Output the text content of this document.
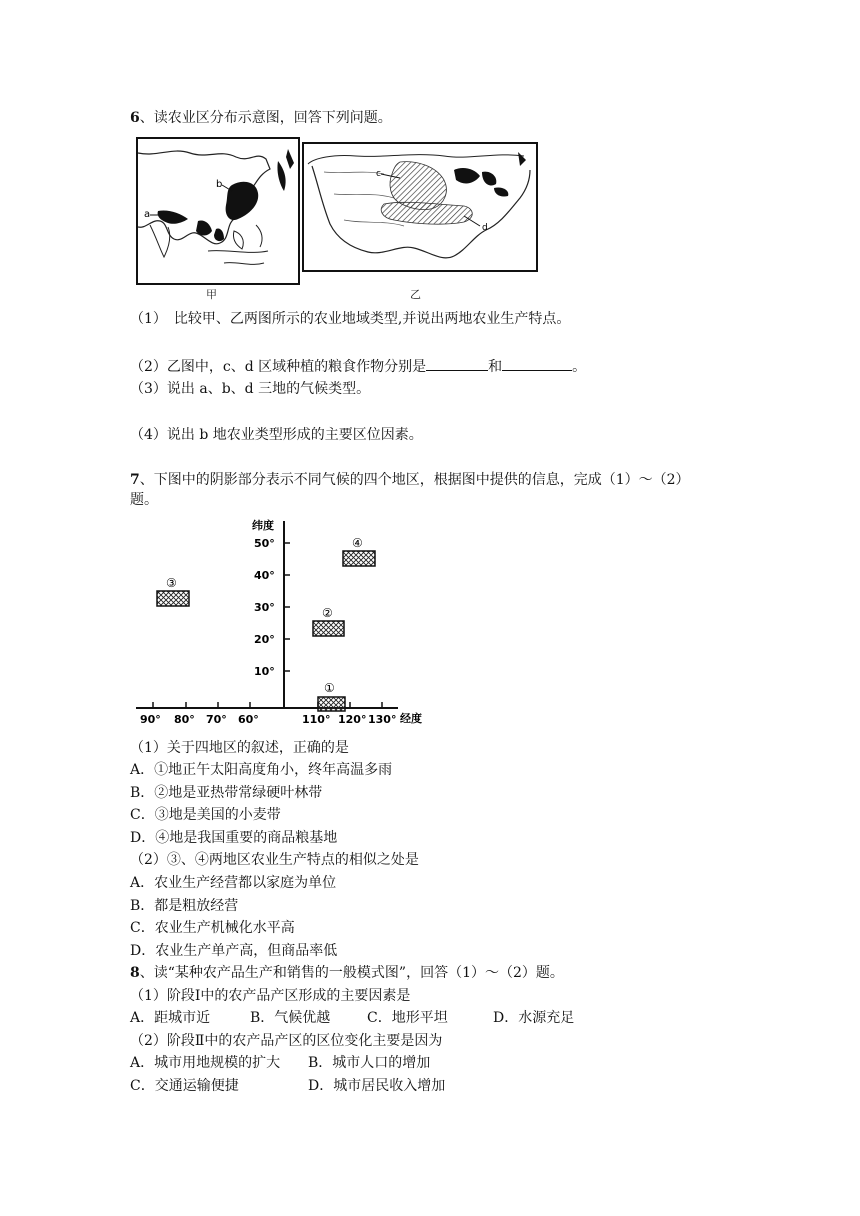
6、读农业区分布示意图，回答下列问题。
b
a
甲
c
d
乙
（1）　比较甲、乙两图所示的农业地域类型,并说出两地农业生产特点。
（2）乙图中，c、d 区域种植的粮食作物分别是	和	。
（3）说出 a、b、d 三地的气候类型。
（4）说出 b 地农业类型形成的主要区位因素。
7、下图中的阴影部分表示不同气候的四个地区，根据图中提供的信息，完成（1）～（2）
题。
纬度
经度
50°
40°
30°
20°
10°
90° 80° 70° 60°	110° 120° 130°
③
④
②
①
（1）关于四地区的叙述，正确的是
A．①地正午太阳高度角小，终年高温多雨
B．②地是亚热带常绿硬叶林带
C．③地是美国的小麦带
D．④地是我国重要的商品粮基地
（2）③、④两地区农业生产特点的相似之处是
A．农业生产经营都以家庭为单位
B．都是粗放经营
C．农业生产机械化水平高
D．农业生产单产高，但商品率低
8、读“某种农产品生产和销售的一般模式图”，回答（1）～（2）题。
（1）阶段Ⅰ中的农产品产区形成的主要因素是
A．距城市近	B．气候优越	C．地形平坦	D．水源充足
（2）阶段Ⅱ中的农产品产区的区位变化主要是因为
A．城市用地规模的扩大 B．城市人口的增加
C．交通运输便捷	D．城市居民收入增加
